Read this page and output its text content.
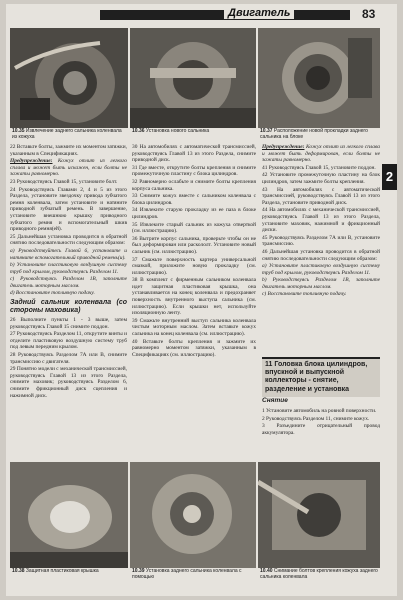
Двигатель	83
2
10.35 Извлечение заднего сальника коленвала из кожуха
10.36 Установка нового сальника	10.37 Расположение новой прокладки заднего сальника на блоке

22 Вставьте болты, зажмите их моментом затяжки, указанным в Спецификациях.

Предупреждение: Кожух отлит из легкого сплава и может быть искажен, если болты не зажаты равномерно.

23 Руководствуясь Главой 15, установите болт.

24 Руководствуясь Главами 2, 4 и 5 из этого Раздела, установите звездочку привода зубчатого ремня коленвала, затем установите и натяните приводной зубчатый ремень. В завершение, установите внешнюю крышку приводного зубчатого ремня и вспомогательный шкив приводного ремня(ей).

25 Дальнейшая установка проводится в обратной снятию последовательности следующим образом:

a) Руководствуйтесь Главой 6, установите и натяните вспомогательный приводной ремень(и).

b) Установите пластиковую воздушную систему труб под крылом, руководствуясь Разделом 11.

c) Руководствуясь Разделом 1В, заполните двигатель моторным маслом.

d) Восстановите топливную подачу.

Задний сальник коленвала (со стороны маховика)

26 Выполните пункты 1 - 3 выше, затем руководствуясь Главой 15 снимите поддон.

27 Руководствуясь Разделом 11, открутите винты и отделите пластиковую воздушную систему труб под левым передним крылом.

28 Руководствуясь Разделом 7А или В, снимите трансмиссию с двигателя.

29 Понятно модели с механической трансмиссией, руководствуясь Главой 13 из этого Раздела, снимите маховик; руководствуясь Разделом 6, снимите фрикционный диск сцепления и нажимной диск.

30 На автомобилях с автоматической трансмиссией, руководствуясь Главой 13 из этого Раздела, снимите приводной диск.

31 Где вместе, открутите болты крепления и снимите промежуточную пластину с блока цилиндров.

32 Равномерно ослабьте и снимите болты крепления корпуса сальника.

33 Снимите кожух вместе с сальником коленвала с блока цилиндров.

34 Извлеките старую прокладку из ее паза в блоке цилиндров.

35 Извлеките старый сальник из кожуха отверткой (см. иллюстрацию).

36 Вытрите корпус сальника, проверьте чтобы он не был деформирован или раскололт. Установите новый сальник (см. иллюстрацию).

37 Смажьте поверхность картера универсальной смазкой, приложите новую прокладку (см. иллюстрацию).

38 В комплект с фирменным сальником коленвала идет защитная пластиковая крышка, она устанавливается на конец коленвала и предохраняет поверхность внутренного выступа сальника (см. иллюстрацию). Если крышки нет, используйте изоляционную ленту.

39 Смажьте внутренний выступ сальника коленвала чистым моторным маслом. Затем вставьте кожух сальника на конец коленвала (см. иллюстрацию).

40 Вставьте болты крепления и зажмите их равномерно моментом затяжки, указанным в Спецификациях (см. иллюстрацию).

Предупреждение: Кожух отлит из легкого сплава и может быть деформирован, если болты не зажаты равномерно.

41 Руководствуясь Главой 15, установите поддон.

42 Установите промежуточную пластину на блок цилиндров, затем зажмите болты крепления.

43 На автомобилях с автоматической трансмиссией, руководствуясь Главой 13 из этого Раздела, установите приводной диск.

44 На автомобилях с механической трансмиссией, руководствуясь Главой 13 из этого Раздела, установите маховик, нажимной и фрикционный диски.

45 Руководствуясь Разделом 7А или В, установите трансмиссию.

46 Дальнейшая установка проводится в обратной снятию последовательности следующим образом:

a) Установите пластиковую воздушную систему труб под крылом, руководствуясь Разделом 11.

b) Руководствуясь Разделом 1В, заполните двигатель моторным маслом.

c) Восстановите топливную подачу.

11 Головка блока цилиндров, впускной и выпускной коллекторы - снятие, разделение и установка
Снятие

1 Установите автомобиль на ровной поверхности.

2 Руководствуясь Разделом 11, снимите кожух.

3 Разъедините отрицательный провод аккумулятора.

10.38 Защитная пластиковая крышка	10.39 Установка заднего сальника коленвала с помощью
10.40 Снимание болтов крепления кожуха заднего сальника коленвала
